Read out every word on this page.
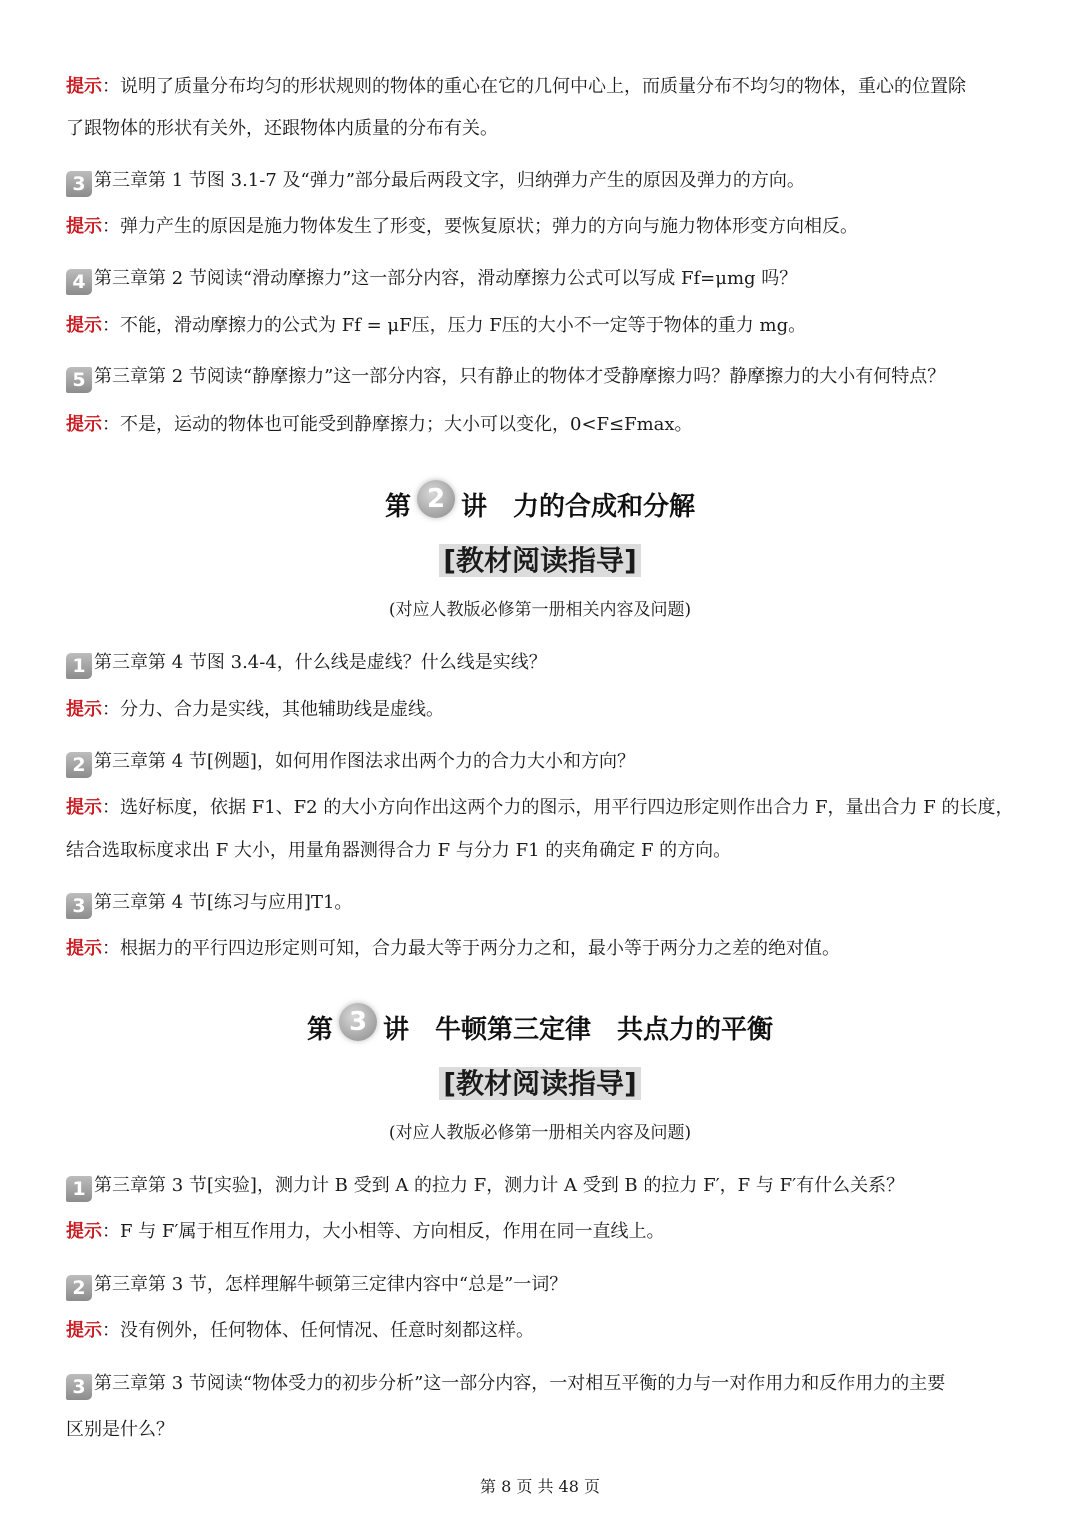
提示：说明了质量分布均匀的形状规则的物体的重心在它的几何中心上，而质量分布不均匀的物体，重心的位置除
了跟物体的形状有关外，还跟物体内质量的分布有关。
3 第三章第 1 节图 3.1-7 及“弹力”部分最后两段文字，归纳弹力产生的原因及弹力的方向。
提示：弹力产生的原因是施力物体发生了形变，要恢复原状；弹力的方向与施力物体形变方向相反。
4 第三章第 2 节阅读“滑动摩擦力”这一部分内容，滑动摩擦力公式可以写成 Ff=μmg 吗？
提示：不能，滑动摩擦力的公式为 Ff = μF压，压力 F压的大小不一定等于物体的重力 mg。
5 第三章第 2 节阅读“静摩擦力”这一部分内容，只有静止的物体才受静摩擦力吗？静摩擦力的大小有何特点？
提示：不是，运动的物体也可能受到静摩擦力；大小可以变化，0<F≤Fmax。
第 2 讲　力的合成和分解
[教材阅读指导]
(对应人教版必修第一册相关内容及问题)
1 第三章第 4 节图 3.4-4，什么线是虚线？什么线是实线？
提示：分力、合力是实线，其他辅助线是虚线。
2 第三章第 4 节[例题]，如何用作图法求出两个力的合力大小和方向？
提示：选好标度，依据 F1、F2 的大小方向作出这两个力的图示，用平行四边形定则作出合力 F，量出合力 F 的长度，
结合选取标度求出 F 大小，用量角器测得合力 F 与分力 F1 的夹角确定 F 的方向。
3 第三章第 4 节[练习与应用]T1。
提示：根据力的平行四边形定则可知，合力最大等于两分力之和，最小等于两分力之差的绝对值。
第 3 讲　牛顿第三定律　共点力的平衡
[教材阅读指导]
(对应人教版必修第一册相关内容及问题)
1 第三章第 3 节[实验]，测力计 B 受到 A 的拉力 F，测力计 A 受到 B 的拉力 F′，F 与 F′有什么关系？
提示：F 与 F′属于相互作用力，大小相等、方向相反，作用在同一直线上。
2 第三章第 3 节，怎样理解牛顿第三定律内容中“总是”一词？
提示：没有例外，任何物体、任何情况、任意时刻都这样。
3 第三章第 3 节阅读“物体受力的初步分析”这一部分内容，一对相互平衡的力与一对作用力和反作用力的主要
区别是什么？
第 8 页 共 48 页
